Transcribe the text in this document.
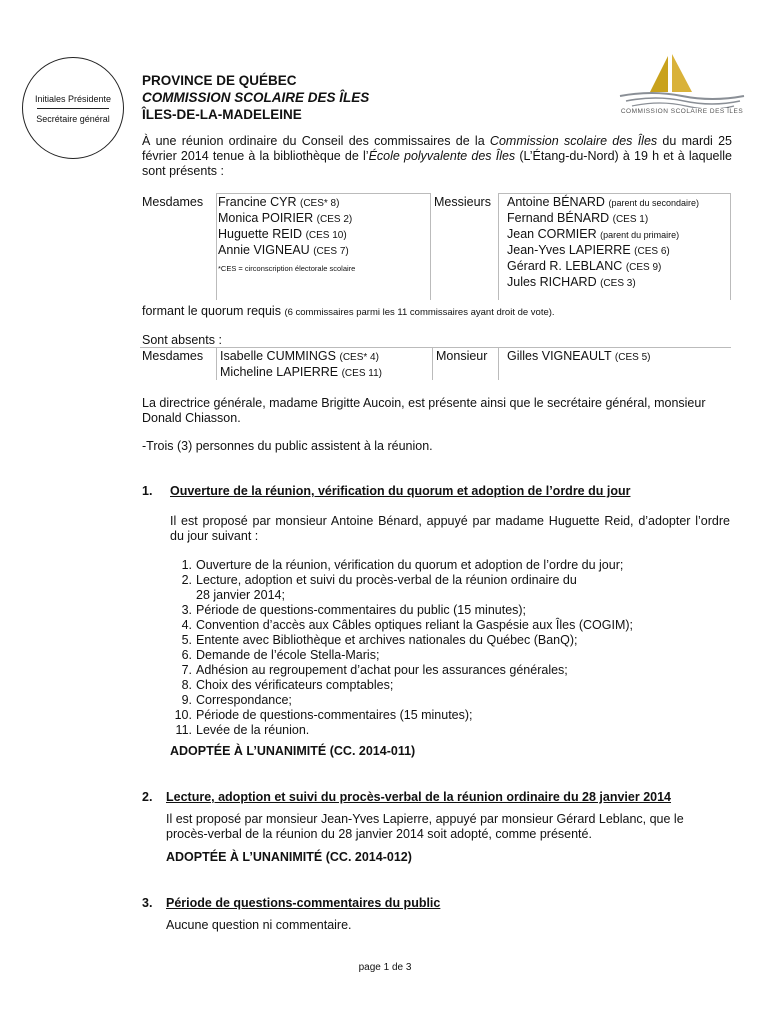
Initiales Présidente
Secrétaire général
PROVINCE DE QUÉBEC
COMMISSION SCOLAIRE DES ÎLES
ÎLES-DE-LA-MADELEINE	COMMISSION SCOLAIRE DES ÎLES
À une réunion ordinaire du Conseil des commissaires de la Commission scolaire des Îles du mardi 25 février 2014 tenue à la bibliothèque de l’École polyvalente des Îles (L’Étang-du-Nord) à 19 h et à laquelle sont présents :
Mesdames Francine CYR (CES* 8)
Monica POIRIER (CES 2)
Huguette REID (CES 10)
Annie VIGNEAU (CES 7)
*CES = circonscription électorale scolaire
Messieurs Antoine BÉNARD (parent du secondaire)
Fernand BÉNARD (CES 1)
Jean CORMIER (parent du primaire)
Jean-Yves LAPIERRE (CES 6)
Gérard R. LEBLANC (CES 9)
Jules RICHARD (CES 3)
formant le quorum requis (6 commissaires parmi les 11 commissaires ayant droit de vote).
Sont absents :
Mesdames Isabelle CUMMINGS (CES* 4)
Micheline LAPIERRE (CES 11)
Monsieur Gilles VIGNEAULT (CES 5)
La directrice générale, madame Brigitte Aucoin, est présente ainsi que le secrétaire général, monsieur Donald Chiasson.
-Trois (3) personnes du public assistent à la réunion.
1. Ouverture de la réunion, vérification du quorum et adoption de l’ordre du jour
Il est proposé par monsieur Antoine Bénard, appuyé par madame Huguette Reid, d’adopter l’ordre du jour suivant :
1. Ouverture de la réunion, vérification du quorum et adoption de l’ordre du jour;
2. Lecture, adoption et suivi du procès-verbal de la réunion ordinaire du
28 janvier 2014;
3. Période de questions-commentaires du public (15 minutes);
4. Convention d’accès aux Câbles optiques reliant la Gaspésie aux Îles (COGIM);
5. Entente avec Bibliothèque et archives nationales du Québec (BanQ);
6. Demande de l’école Stella-Maris;
7. Adhésion au regroupement d’achat pour les assurances générales;
8. Choix des vérificateurs comptables;
9. Correspondance;
10. Période de questions-commentaires (15 minutes);
11. Levée de la réunion.
ADOPTÉE À L’UNANIMITÉ (CC. 2014-011)
2. Lecture, adoption et suivi du procès-verbal de la réunion ordinaire du 28 janvier 2014
Il est proposé par monsieur Jean-Yves Lapierre, appuyé par monsieur Gérard Leblanc, que le procès-verbal de la réunion du 28 janvier 2014 soit adopté, comme présenté.
ADOPTÉE À L’UNANIMITÉ (CC. 2014-012)
3. Période de questions-commentaires du public
Aucune question ni commentaire.
page 1 de 3
